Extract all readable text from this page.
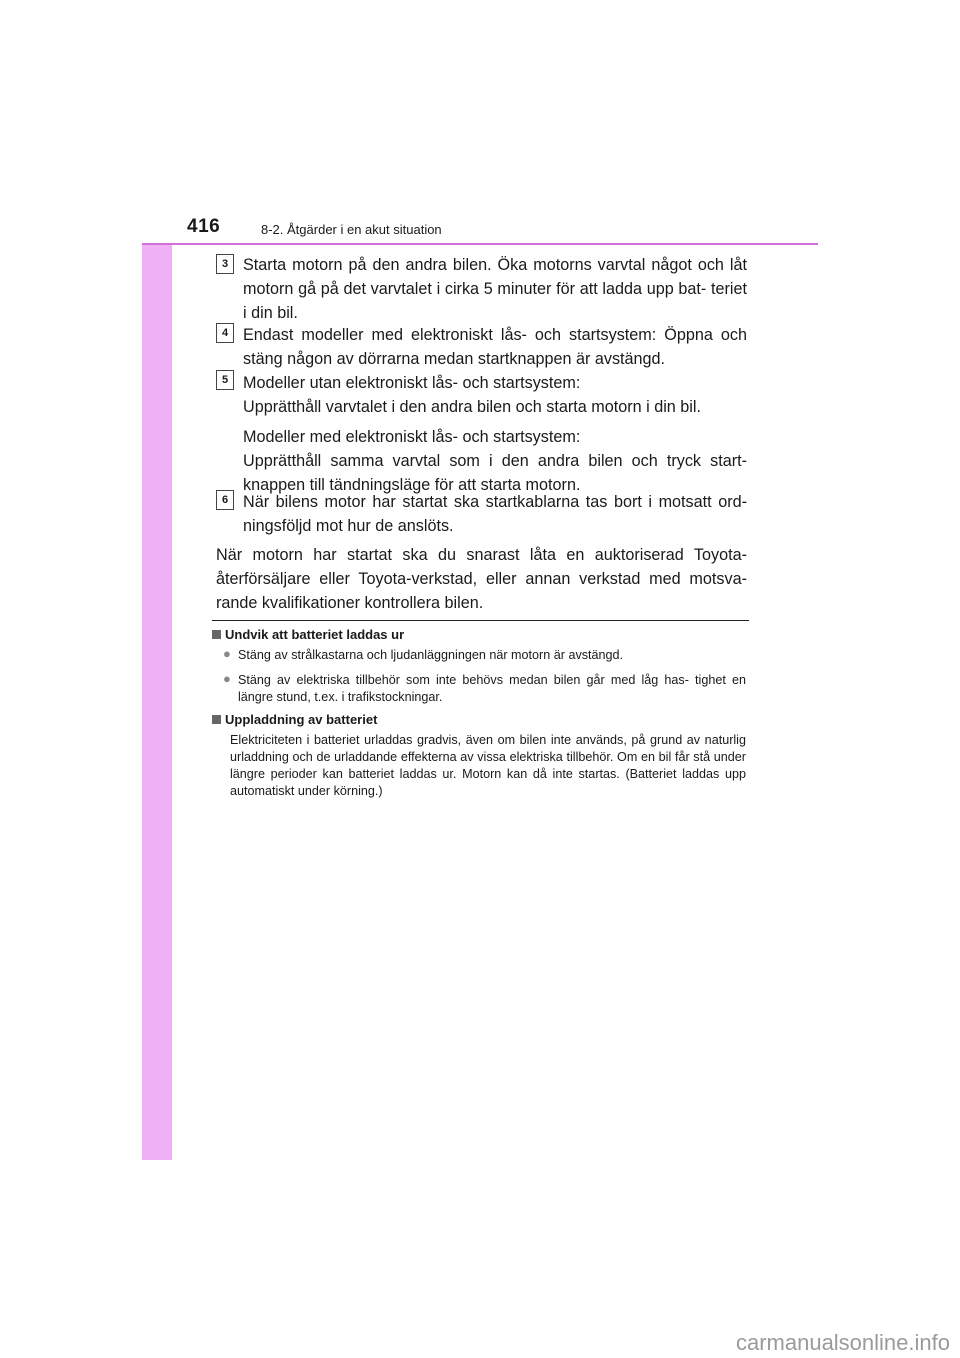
416	8-2. Åtgärder i en akut situation
3 Starta motorn på den andra bilen. Öka motorns varvtal något och låt motorn gå på det varvtalet i cirka 5 minuter för att ladda upp bat- teriet i din bil.

4 Endast modeller med elektroniskt lås- och startsystem: Öppna och stäng någon av dörrarna medan startknappen är avstängd.

5 Modeller utan elektroniskt lås- och startsystem:

Upprätthåll varvtalet i den andra bilen och starta motorn i din bil.

Modeller med elektroniskt lås- och startsystem:

Upprätthåll samma varvtal som i den andra bilen och tryck start- knappen till tändningsläge för att starta motorn.

6 När bilens motor har startat ska startkablarna tas bort i motsatt ord- ningsföljd mot hur de anslöts.

När motorn har startat ska du snarast låta en auktoriserad Toyota- återförsäljare eller Toyota-verkstad, eller annan verkstad med motsva- rande kvalifikationer kontrollera bilen.
Undvik att batteriet laddas ur
● Stäng av strålkastarna och ljudanläggningen när motorn är avstängd.
● Stäng av elektriska tillbehör som inte behövs medan bilen går med låg has- tighet en längre stund, t.ex. i trafikstockningar.
Uppladdning av batteriet
Elektriciteten i batteriet urladdas gradvis, även om bilen inte används, på grund av naturlig urladdning och de urladdande effekterna av vissa elektriska tillbehör. Om en bil får stå under längre perioder kan batteriet laddas ur. Motorn kan då inte startas. (Batteriet laddas upp automatiskt under körning.)
carmanualsonline.info
